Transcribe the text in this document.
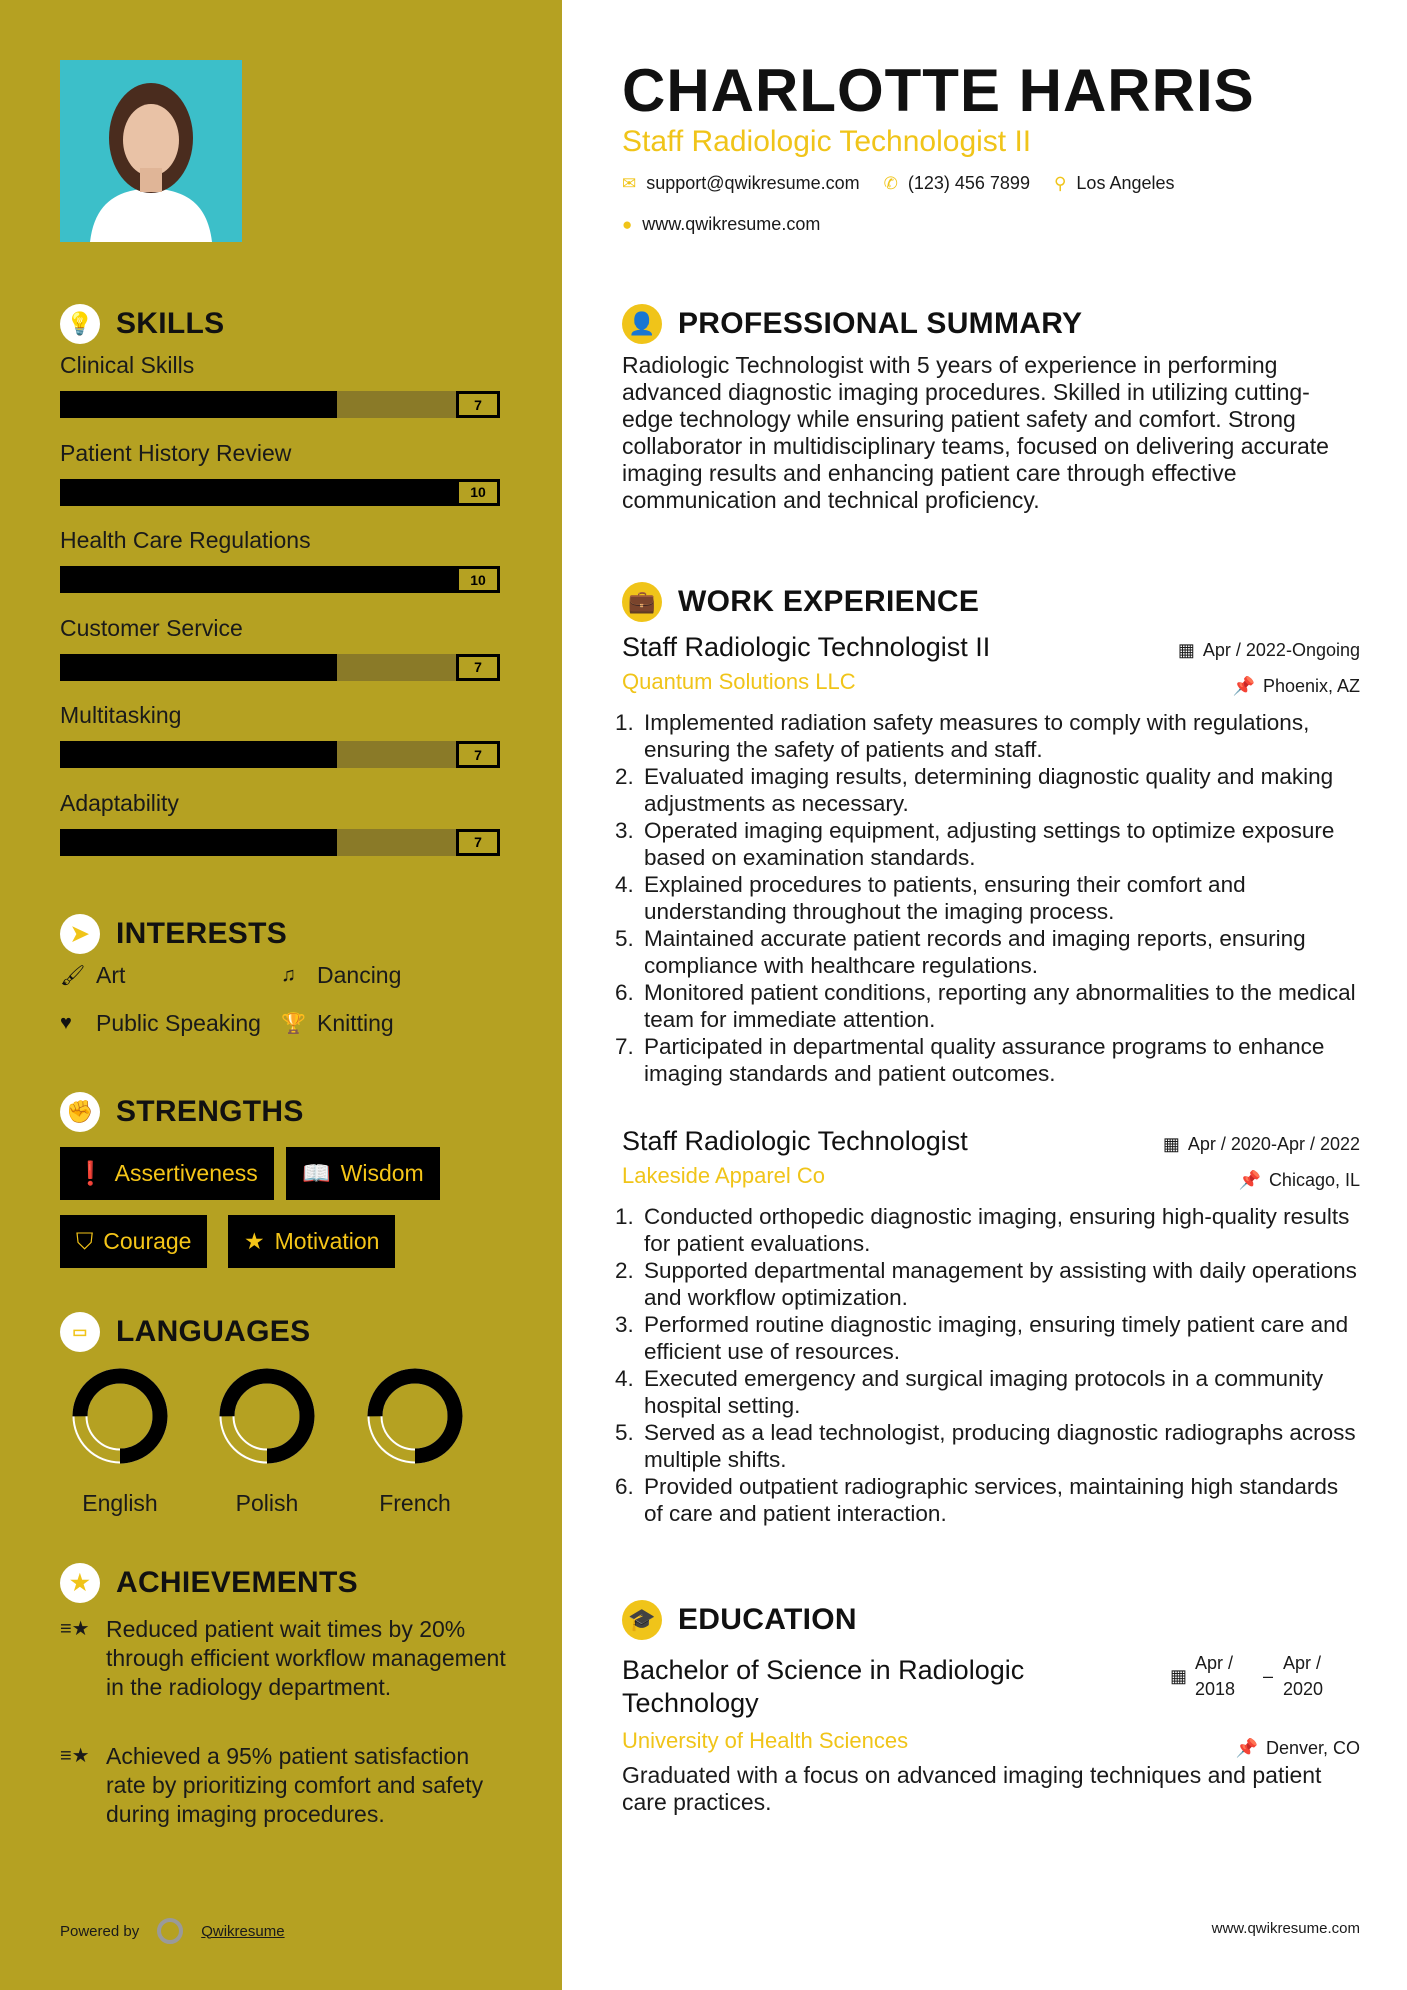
💡 SKILLS
Clinical Skills
7
Patient History Review
10
Health Care Regulations
10
Customer Service
7
Multitasking
7
Adaptability
7
➤ INTERESTS
🖌 Art	♫ Dancing
♥	Public Speaking 🏆 Knitting
✊ STRENGTHS
❗ Assertiveness 📖 Wisdom
⛉ Courage ★ Motivation
▭ LANGUAGES
English	Polish	French
★ ACHIEVEMENTS
≡★ Reduced patient wait times by 20% through efficient workflow management in the radiology department.
≡★ Achieved a 95% patient satisfaction rate by prioritizing comfort and safety during imaging procedures.
Powered by	Qwikresume
CHARLOTTE HARRIS
Staff Radiologic Technologist II
✉ support@qwikresume.com ✆ (123) 456 7899 ⚲ Los Angeles
● www.qwikresume.com
👤 PROFESSIONAL SUMMARY

Radiologic Technologist with 5 years of experience in performing advanced diagnostic imaging procedures. Skilled in utilizing cutting-edge technology while ensuring patient safety and comfort. Strong collaborator in multidisciplinary teams, focused on delivering accurate imaging results and enhancing patient care through effective communication and technical proficiency.

💼 WORK EXPERIENCE
Staff Radiologic Technologist II	▦ Apr / 2022-Ongoing
Quantum Solutions LLC	📌 Phoenix, AZ
1. Implemented radiation safety measures to comply with regulations, ensuring the safety of patients and staff.
2. Evaluated imaging results, determining diagnostic quality and making adjustments as necessary.
3. Operated imaging equipment, adjusting settings to optimize exposure based on examination standards.
4. Explained procedures to patients, ensuring their comfort and understanding throughout the imaging process.
5. Maintained accurate patient records and imaging reports, ensuring compliance with healthcare regulations.
6. Monitored patient conditions, reporting any abnormalities to the medical team for immediate attention.
7. Participated in departmental quality assurance programs to enhance imaging standards and patient outcomes.
Staff Radiologic Technologist	▦ Apr / 2020-Apr / 2022
Lakeside Apparel Co	📌 Chicago, IL
1. Conducted orthopedic diagnostic imaging, ensuring high-quality results for patient evaluations.
2. Supported departmental management by assisting with daily operations and workflow optimization.
3. Performed routine diagnostic imaging, ensuring timely patient care and efficient use of resources.
4. Executed emergency and surgical imaging protocols in a community hospital setting.
5. Served as a lead technologist, producing diagnostic radiographs across multiple shifts.
6. Provided outpatient radiographic services, maintaining high standards of care and patient interaction.
🎓 EDUCATION
Bachelor of Science in Radiologic Technology
▦
Apr / 2018
–
Apr / 2020
University of Health Sciences	📌 Denver, CO

Graduated with a focus on advanced imaging techniques and patient care practices.

www.qwikresume.com
